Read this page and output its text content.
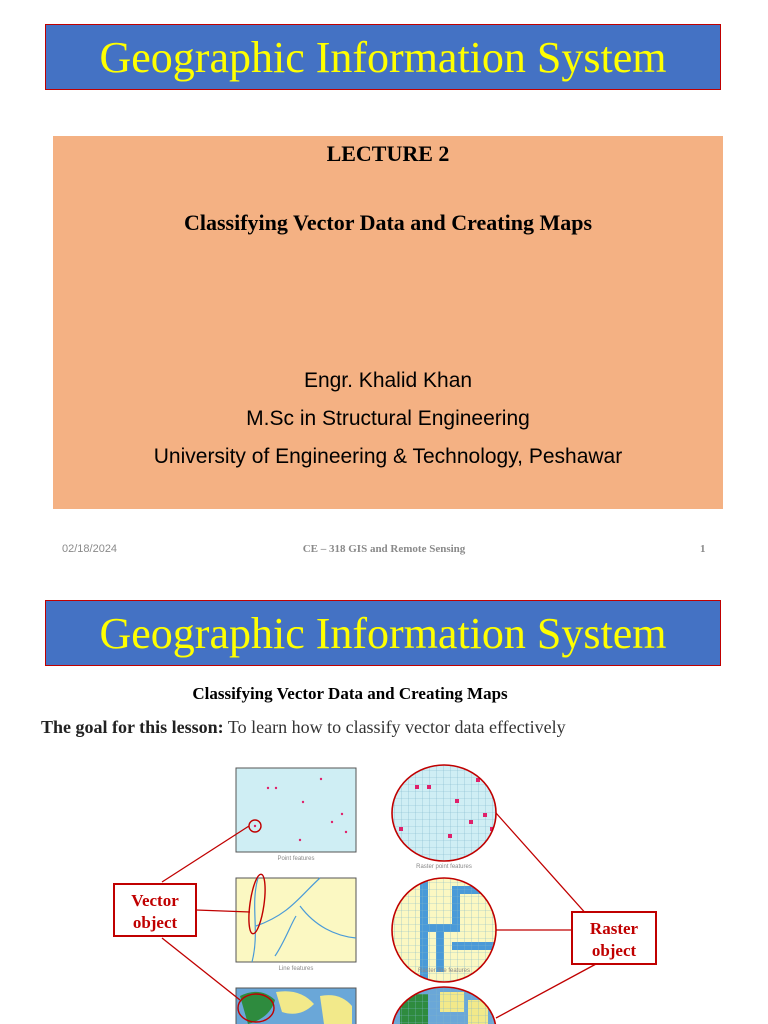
Geographic Information System
LECTURE 2
Classifying Vector Data and Creating Maps
Engr. Khalid Khan
M.Sc in Structural Engineering
University of Engineering & Technology, Peshawar
02/18/2024	CE – 318 GIS and Remote Sensing	1
Geographic Information System
Classifying Vector Data and Creating Maps
The goal for this lesson: To learn how to classify vector data effectively
Point features
Line features
Raster point features
Raster line features
Vector
object	Raster
object
